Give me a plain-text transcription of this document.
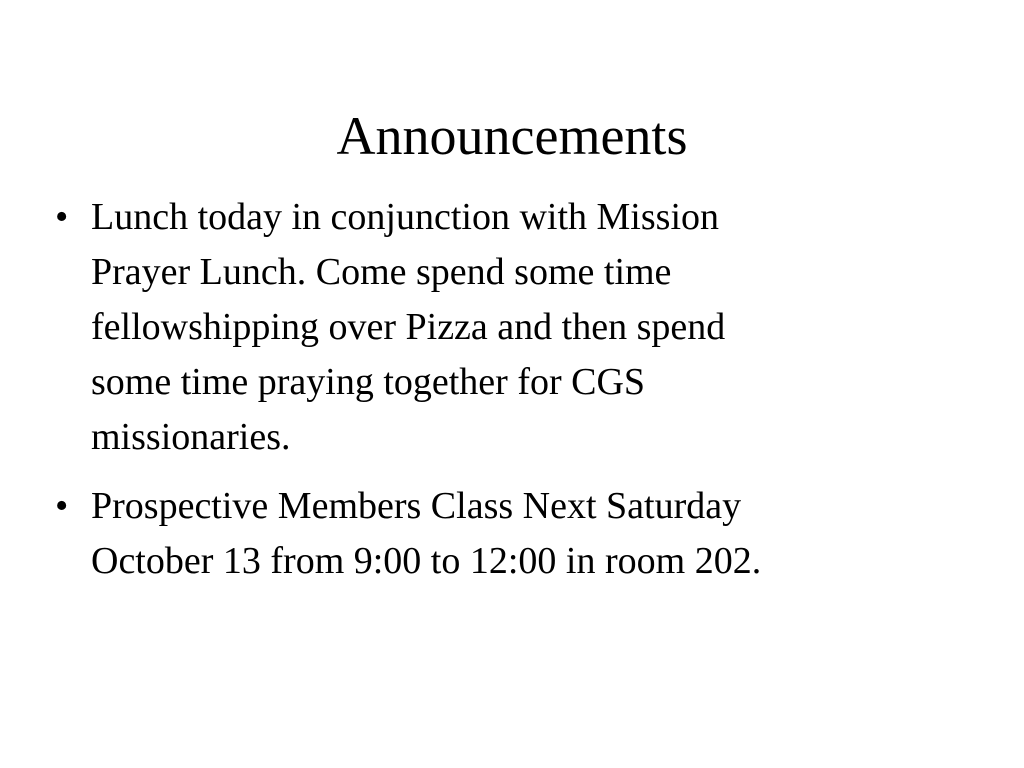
Announcements
• Lunch today in conjunction with Mission
Prayer Lunch. Come spend some time
fellowshipping over Pizza and then spend
some time praying together for CGS
missionaries.
• Prospective Members Class Next Saturday
October 13 from 9:00 to 12:00 in room 202.
